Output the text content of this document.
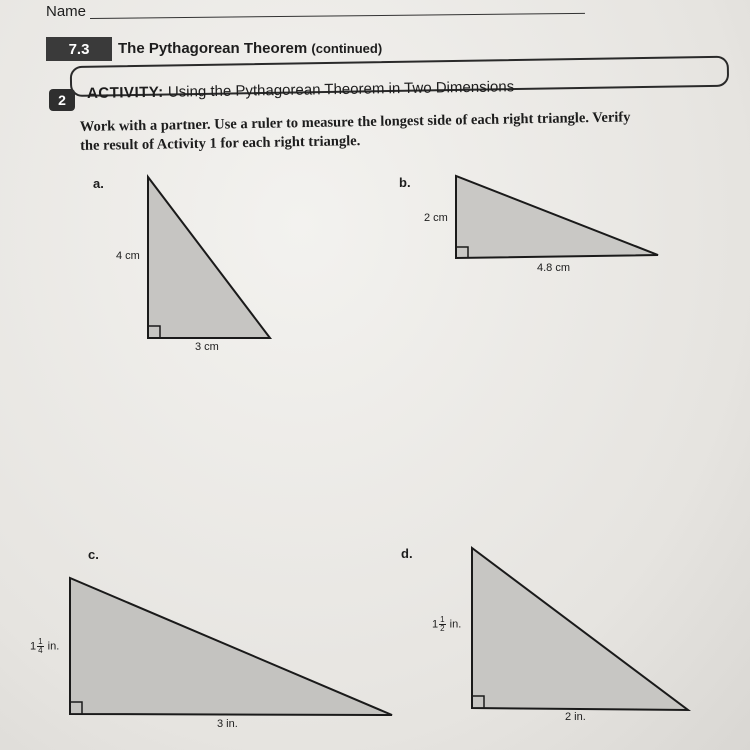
Name
7.3	The Pythagorean Theorem (continued)
2	ACTIVITY: Using the Pythagorean Theorem in Two Dimensions
Work with a partner. Use a ruler to measure the longest side of each right triangle. Verify the result of Activity 1 for each right triangle.

a.
4 cm
3 cm
b.
2 cm
4.8 cm
c.
$1 \frac{1}{4}$ in.
3 in.
d.
$1 \frac{1}{2}$ in.
2 in.
